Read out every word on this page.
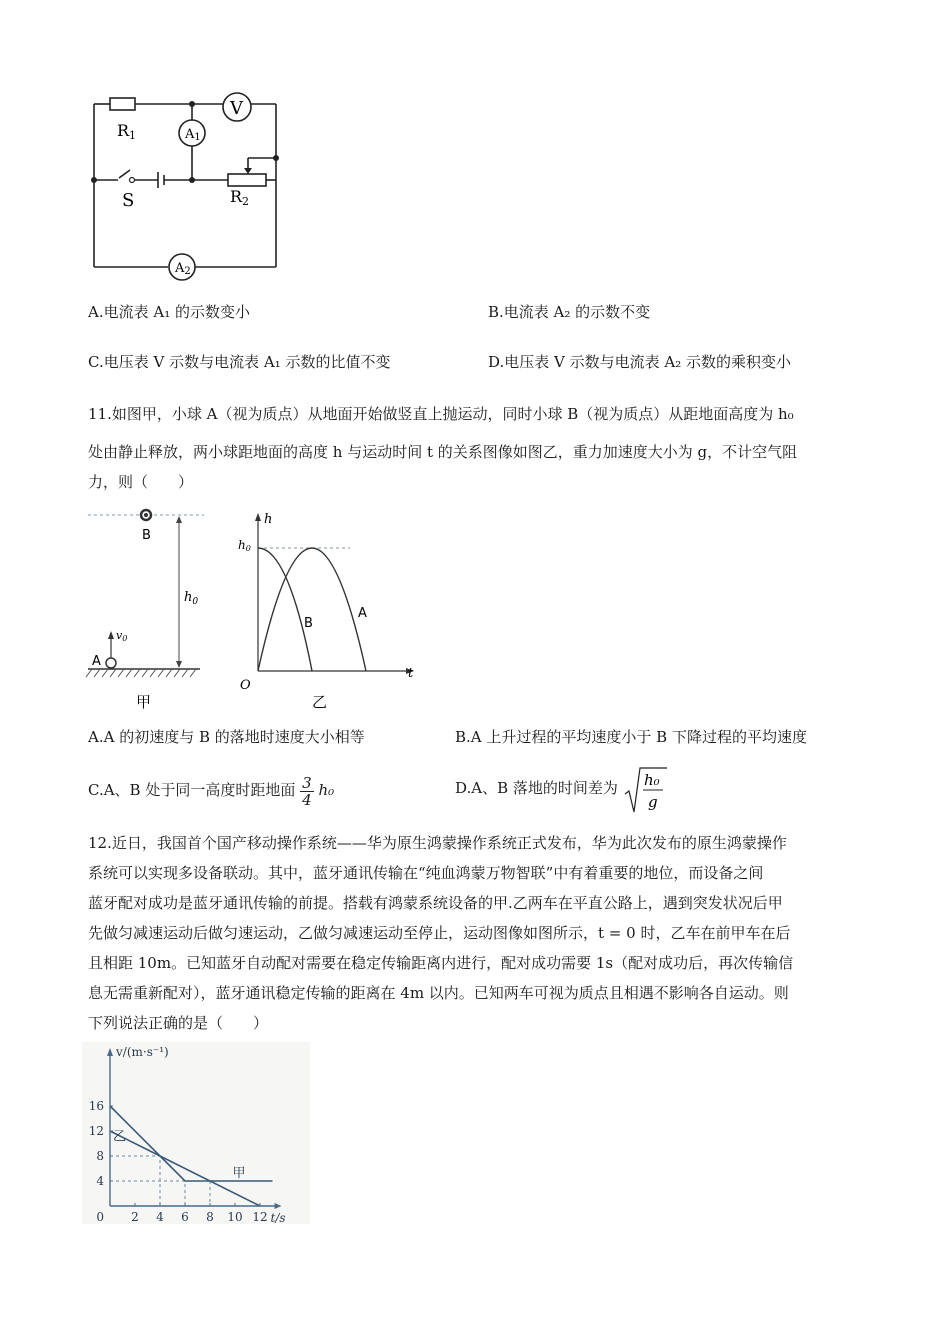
V
A1
A2
R1
R2
S
A.电流表 A₁ 的示数变小	B.电流表 A₂ 的示数不变
C.电压表 V 示数与电流表 A₁ 示数的比值不变	D.电压表 V 示数与电流表 A₂ 示数的乘积变小
11.如图甲，小球 A（视为质点）从地面开始做竖直上抛运动，同时小球 B（视为质点）从距地面高度为 h₀
处由静止释放，两小球距地面的高度 h 与运动时间 t 的关系图像如图乙，重力加速度大小为 g，不计空气阻
力，则（　　）
B
$h_0$
A
v0
甲
h
t
O
h0
B
A
乙
A.A 的初速度与 B 的落地时速度大小相等	B.A 上升过程的平均速度小于 B 下降过程的平均速度
C.A、B 处于同一高度时距地面 $\frac{3}{4} h_0$	D.A、B 落地的时间差为 h₀
g
12.近日，我国首个国产移动操作系统——华为原生鸿蒙操作系统正式发布，华为此次发布的原生鸿蒙操作
系统可以实现多设备联动。其中，蓝牙通讯传输在“纯血鸿蒙万物智联”中有着重要的地位，而设备之间
蓝牙配对成功是蓝牙通讯传输的前提。搭载有鸿蒙系统设备的甲.乙两车在平直公路上，遇到突发状况后甲
先做匀减速运动后做匀速运动，乙做匀减速运动至停止，运动图像如图所示，t = 0 时，乙车在前甲车在后
且相距 10m。已知蓝牙自动配对需要在稳定传输距离内进行，配对成功需要 1s（配对成功后，再次传输信
息无需重新配对），蓝牙通讯稳定传输的距离在 4m 以内。已知两车可视为质点且相遇不影响各自运动。则
下列说法正确的是（　　）
甲
乙
v/(m·s⁻¹)
t/s
2 4 6 8 10 12
0
4
8
12
16
